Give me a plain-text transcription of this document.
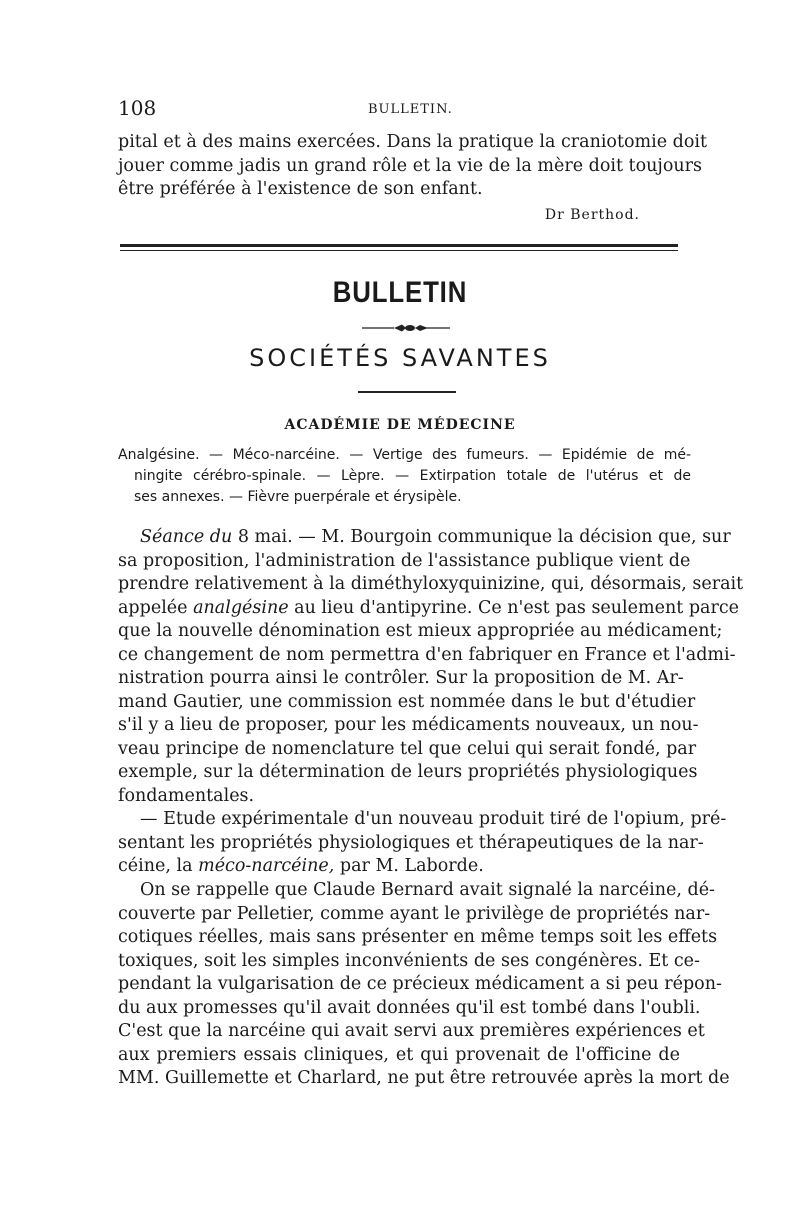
108	BULLETIN.
pital et à des mains exercées. Dans la pratique la craniotomie doit
jouer comme jadis un grand rôle et la vie de la mère doit toujours
être préférée à l'existence de son enfant.
Dr Berthod.
BULLETIN
SOCIÉTÉS SAVANTES
ACADÉMIE DE MÉDECINE
Analgésine. — Méco-narcéine. — Vertige des fumeurs. — Epidémie de mé-
ningite cérébro-spinale. — Lèpre. — Extirpation totale de l'utérus et de
ses annexes. — Fièvre puerpérale et érysipèle.
Séance du 8 mai. — M. Bourgoin communique la décision que, sur
sa proposition, l'administration de l'assistance publique vient de
prendre relativement à la diméthyloxyquinizine, qui, désormais, serait
appelée analgésine au lieu d'antipyrine. Ce n'est pas seulement parce
que la nouvelle dénomination est mieux appropriée au médicament;
ce changement de nom permettra d'en fabriquer en France et l'admi-
nistration pourra ainsi le contrôler. Sur la proposition de M. Ar-
mand Gautier, une commission est nommée dans le but d'étudier
s'il y a lieu de proposer, pour les médicaments nouveaux, un nou-
veau principe de nomenclature tel que celui qui serait fondé, par
exemple, sur la détermination de leurs propriétés physiologiques
fondamentales.
— Etude expérimentale d'un nouveau produit tiré de l'opium, pré-
sentant les propriétés physiologiques et thérapeutiques de la nar-
céine, la méco-narcéine, par M. Laborde.
On se rappelle que Claude Bernard avait signalé la narcéine, dé-
couverte par Pelletier, comme ayant le privilège de propriétés nar-
cotiques réelles, mais sans présenter en même temps soit les effets
toxiques, soit les simples inconvénients de ses congénères. Et ce-
pendant la vulgarisation de ce précieux médicament a si peu répon-
du aux promesses qu'il avait données qu'il est tombé dans l'oubli.
C'est que la narcéine qui avait servi aux premières expériences et
aux premiers essais cliniques, et qui provenait de l'officine de
MM. Guillemette et Charlard, ne put être retrouvée après la mort de
